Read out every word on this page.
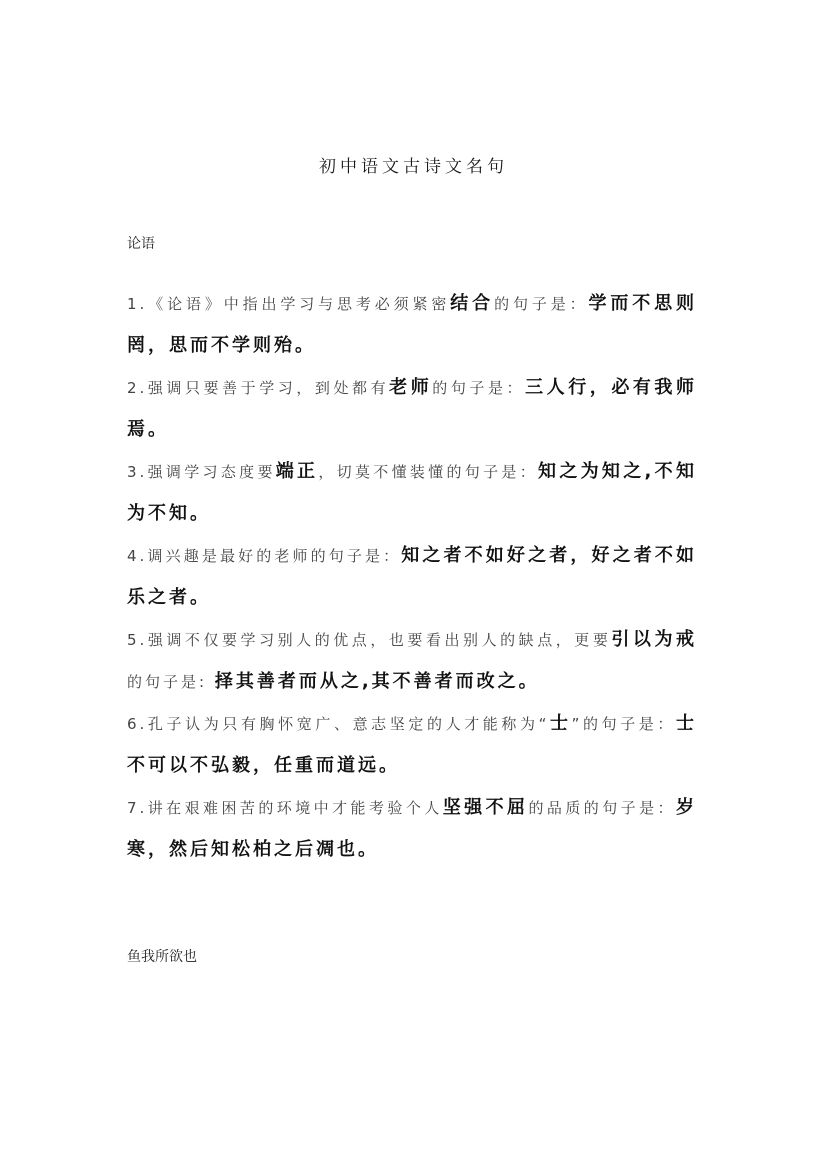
初中语文古诗文名句
论语

1.《论语》中指出学习与思考必须紧密结合的句子是：学而不思则罔，思而不学则殆。

2.强调只要善于学习，到处都有老师的句子是：三人行，必有我师焉。

3.强调学习态度要端正，切莫不懂装懂的句子是：知之为知之,不知为不知。

4.调兴趣是最好的老师的句子是：知之者不如好之者，好之者不如乐之者。

5.强调不仅要学习别人的优点，也要看出别人的缺点，更要引以为戒的句子是: 择其善者而从之,其不善者而改之。

6.孔子认为只有胸怀宽广、意志坚定的人才能称为“士”的句子是：士不可以不弘毅，任重而道远。

7.讲在艰难困苦的环境中才能考验个人坚强不屈的品质的句子是：岁寒，然后知松柏之后凋也。

鱼我所欲也
